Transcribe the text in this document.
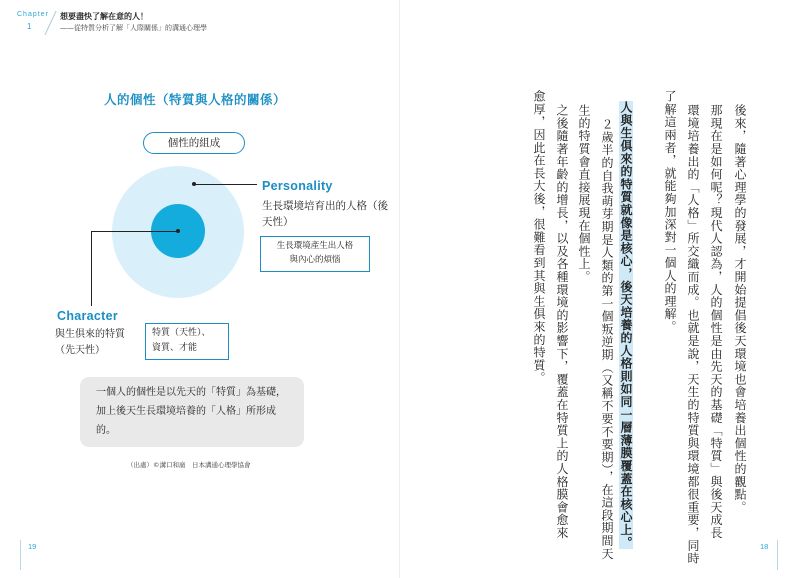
Chapter
1
想要盡快了解在意的人！
——從特質分析了解「人際關係」的溝通心理學
人的個性（特質與人格的關係）
個性的組成
Personality
生長環境培育出的人格（後天性）
生長環境產生出人格
與內心的煩惱
Character
與生俱來的特質
（先天性）
特質（天性）、
資質、才能
一個人的個性是以先天的「特質」為基礎，加上後天生長環境培養的「人格」所形成的。
（出處）©溝口和廣　日本溝通心理學協會	後來，隨著心理學的發展，才開始提倡後天環境也會培養出個性的觀點。
那現在是如何呢？現代人認為，人的個性是由先天的基礎「特質」與後天成長
環境培養出的「人格」所交織而成。也就是說，天生的特質與環境都很重要，同時
了解這兩者，就能夠加深對一個人的理解。
人與生俱來的特質就像是核心，後天培養的人格則如同一層薄膜覆蓋在核心上。
２歲半的自我萌芽期是人類的第一個叛逆期（又稱不要不要期），在這段期間天
生的特質會直接展現在個性上。
之後隨著年齡的增長，以及各種環境的影響下，覆蓋在特質上的人格膜會愈來
愈厚，因此在長大後，很難看到其與生俱來的特質。
19	18
